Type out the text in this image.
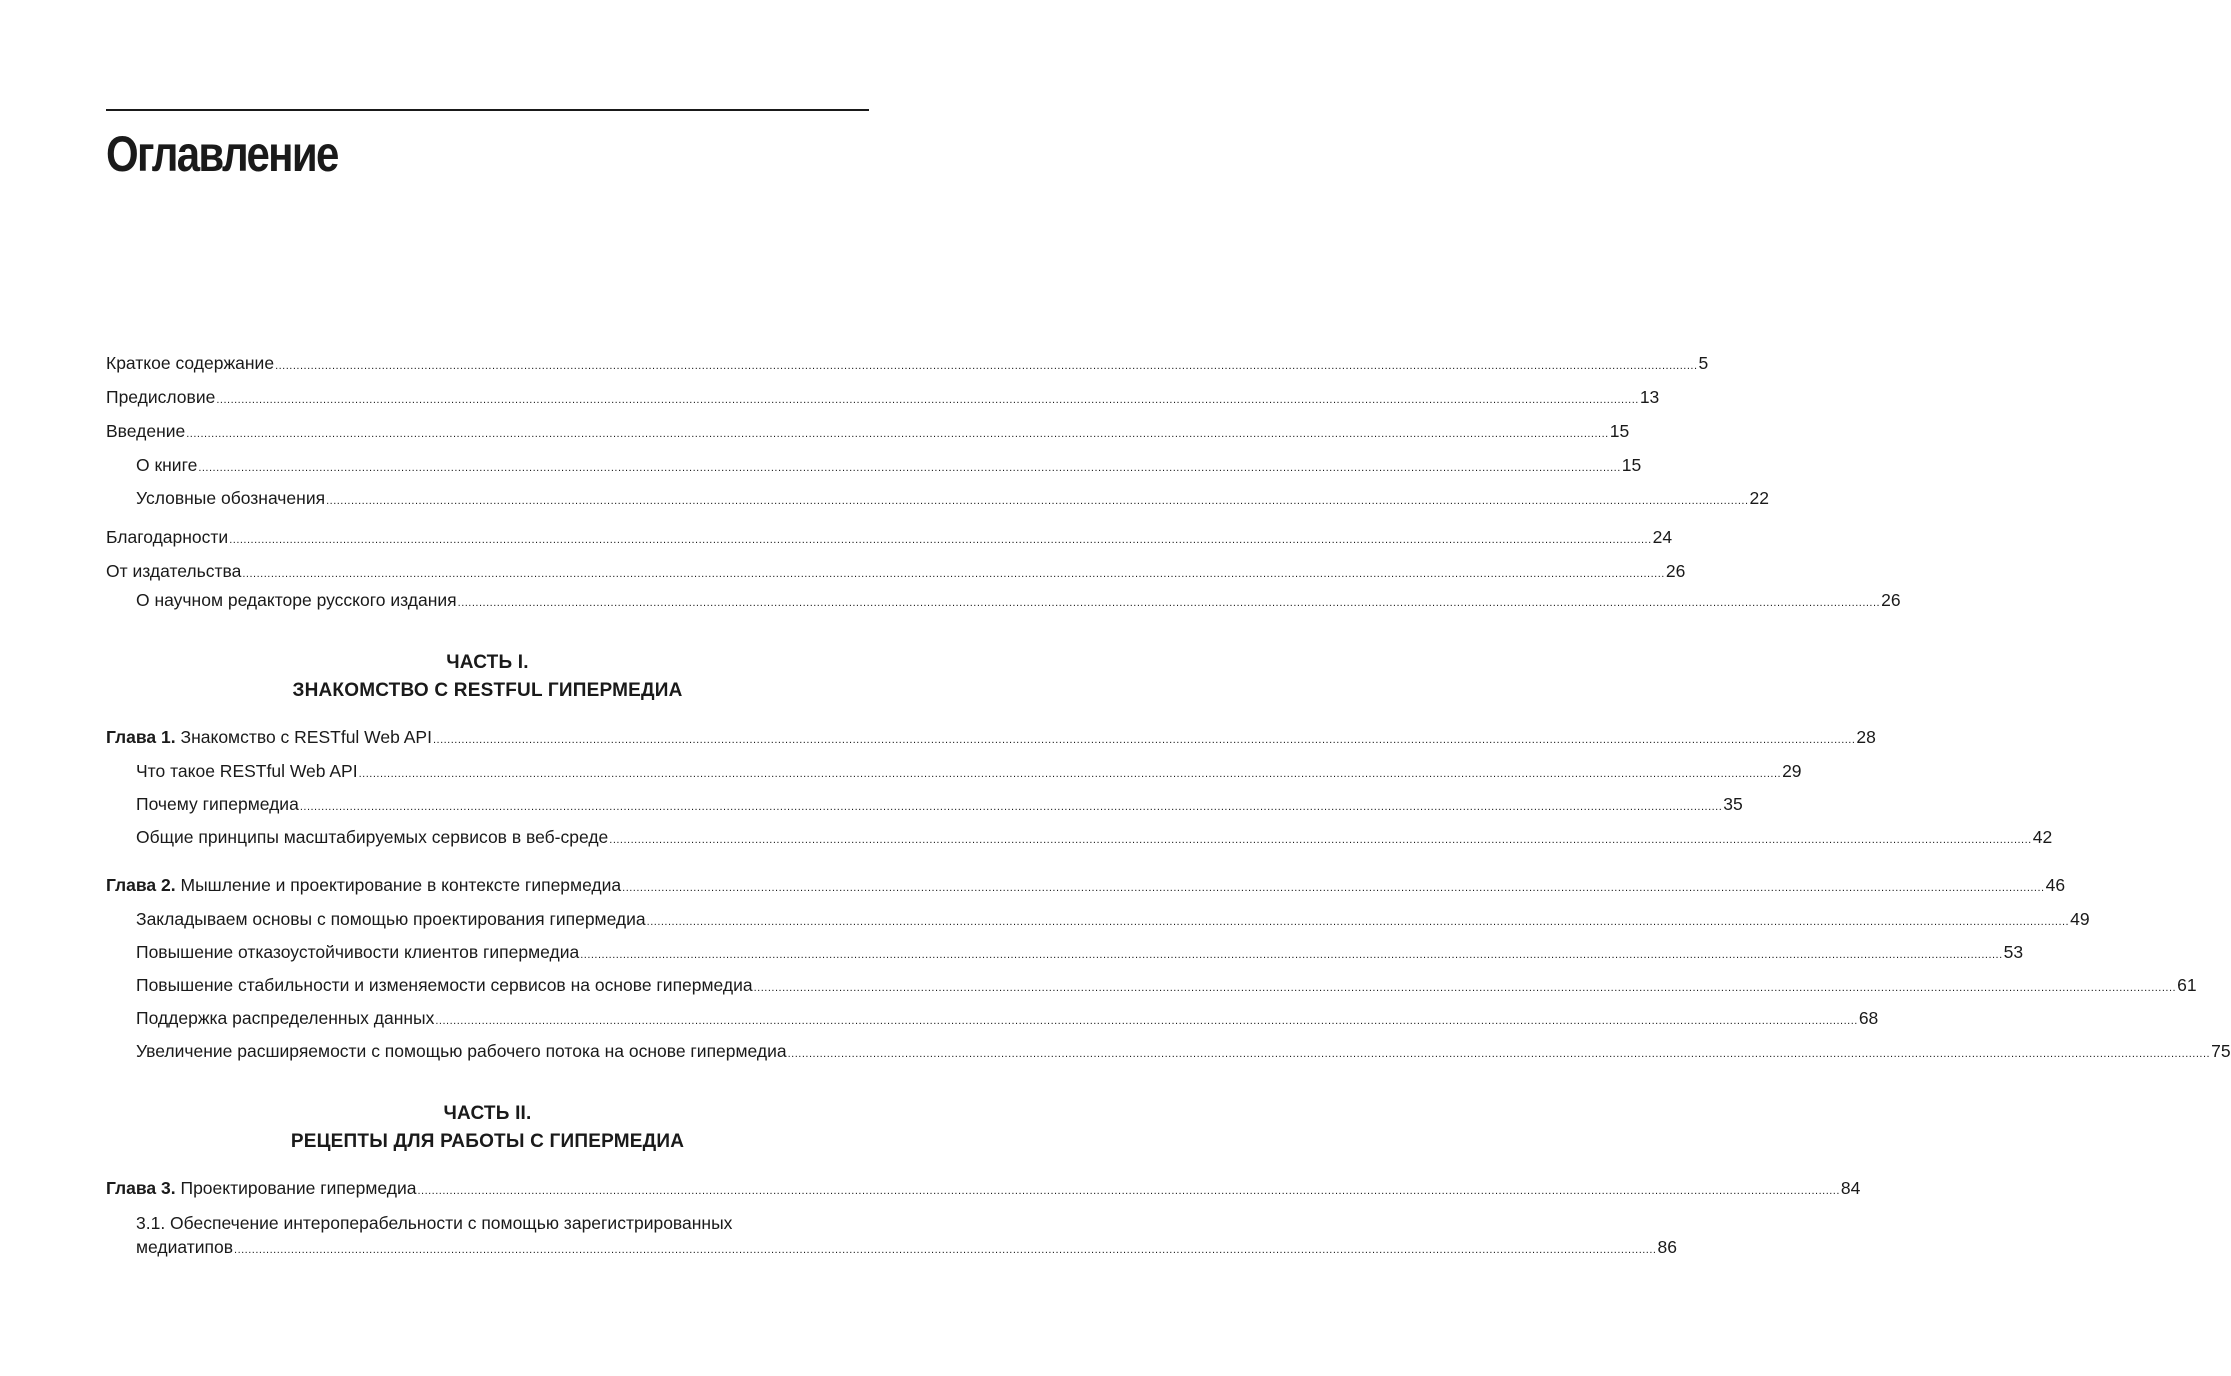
Оглавление
Краткое содержание ................................................................................................................................................................................................................................................................................................................................................................................................................ 5
Предисловие ................................................................................................................................................................................................................................................................................................................................................................................................................ 13
Введение ................................................................................................................................................................................................................................................................................................................................................................................................................ 15
О книге ................................................................................................................................................................................................................................................................................................................................................................................................................ 15
Условные обозначения ................................................................................................................................................................................................................................................................................................................................................................................................................ 22
Благодарности ................................................................................................................................................................................................................................................................................................................................................................................................................ 24
От издательства ................................................................................................................................................................................................................................................................................................................................................................................................................ 26
О научном редакторе русского издания ................................................................................................................................................................................................................................................................................................................................................................................................................ 26
ЧАСТЬ I.
ЗНАКОМСТВО С RESTFUL ГИПЕРМЕДИА
Глава 1. Знакомство с RESTful Web API ................................................................................................................................................................................................................................................................................................................................................................................................................ 28
Что такое RESTful Web API ................................................................................................................................................................................................................................................................................................................................................................................................................ 29
Почему гипермедиа ................................................................................................................................................................................................................................................................................................................................................................................................................ 35
Общие принципы масштабируемых сервисов в веб-среде ................................................................................................................................................................................................................................................................................................................................................................................................................ 42
Глава 2. Мышление и проектирование в контексте гипермедиа ................................................................................................................................................................................................................................................................................................................................................................................................................ 46
Закладываем основы с помощью проектирования гипермедиа ................................................................................................................................................................................................................................................................................................................................................................................................................ 49
Повышение отказоустойчивости клиентов гипермедиа ................................................................................................................................................................................................................................................................................................................................................................................................................ 53
Повышение стабильности и изменяемости сервисов на основе гипермедиа ................................................................................................................................................................................................................................................................................................................................................................................................................ 61
Поддержка распределенных данных ................................................................................................................................................................................................................................................................................................................................................................................................................ 68
Увеличение расширяемости с помощью рабочего потока на основе гипермедиа ................................................................................................................................................................................................................................................................................................................................................................................................................ 75
ЧАСТЬ II.
РЕЦЕПТЫ ДЛЯ РАБОТЫ С ГИПЕРМЕДИА
Глава 3. Проектирование гипермедиа ................................................................................................................................................................................................................................................................................................................................................................................................................ 84
3.1. Обеспечение интероперабельности с помощью зарегистрированных
медиатипов ................................................................................................................................................................................................................................................................................................................................................................................................................ 86
